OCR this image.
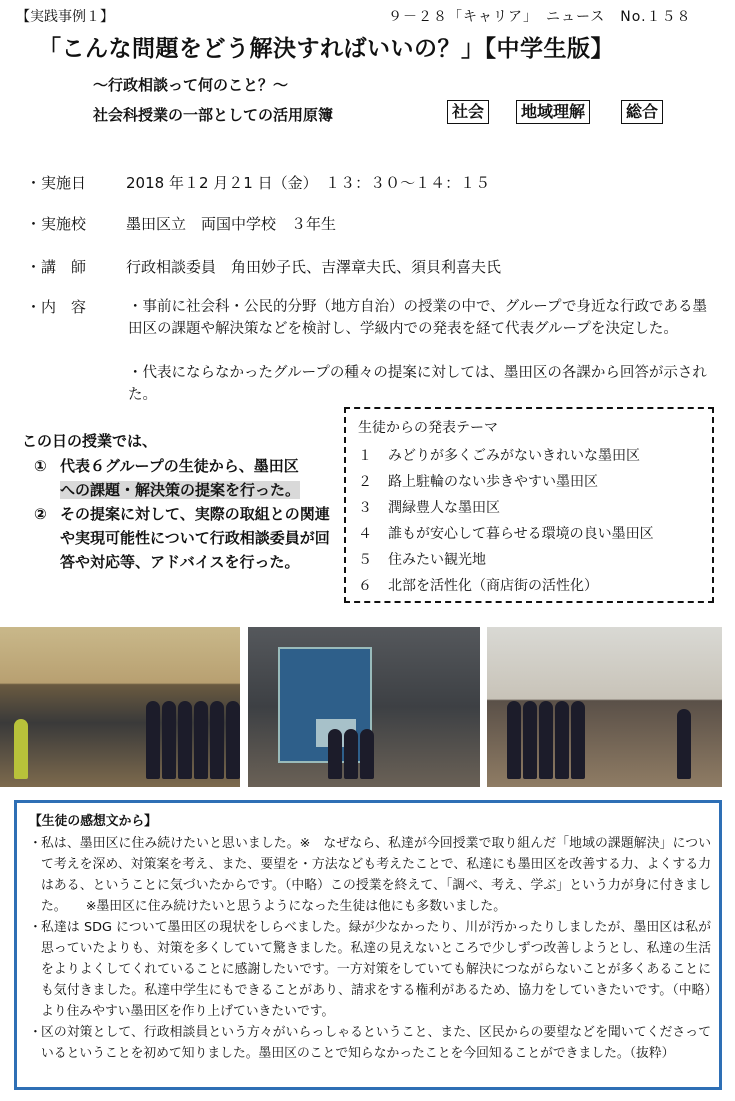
【実践事例１】	９－２８「キャリア」　ニュース　No.１５８
「こんな問題をどう解決すればいいの？」【中学生版】
～行政相談って何のこと？～
社会科授業の一部としての活用原簿	社会	地域理解	総合
・実施日	2018 年１2 月２1 日（金）　１３：３０～１４：１５
・実施校	墨田区立　両国中学校　３年生
・講　師	行政相談委員　角田妙子氏、吉澤章夫氏、須貝利喜夫氏
・内　容	・事前に社会科・公民的分野（地方自治）の授業の中で、グループで身近な行政である墨田区の課題や解決策などを検討し、学級内での発表を経て代表グループを決定した。
・代表にならなかったグループの種々の提案に対しては、墨田区の各課から回答が示された。
この日の授業では、
① 代表６グループの生徒から、墨田区
への課題・解決策の提案を行った。
② その提案に対して、実際の取組との関連や実現可能性について行政相談委員が回答や対応等、アドバイスを行った。
生徒からの発表テーマ
１ みどりが多くごみがないきれいな墨田区
２ 路上駐輪のない歩きやすい墨田区
３ 潤緑豊人な墨田区
４ 誰もが安心して暮らせる環境の良い墨田区
５ 住みたい観光地
６ 北部を活性化（商店街の活性化）
【生徒の感想文から】
・ 私は、墨田区に住み続けたいと思いました。※　なぜなら、私達が今回授業で取り組んだ「地域の課題解決」について考えを深め、対策案を考え、また、要望を・方法なども考えたことで、私達にも墨田区を改善する力、よくする力はある、ということに気づいたからです。（中略）この授業を終えて、「調べ、考え、学ぶ」という力が身に付きました。　　※墨田区に住み続けたいと思うようになった生徒は他にも多数いました。
・ 私達は SDG について墨田区の現状をしらべました。緑が少なかったり、川が汚かったりしましたが、墨田区は私が思っていたよりも、対策を多くしていて驚きました。私達の見えないところで少しずつ改善しようとし、私達の生活をよりよくしてくれていることに感謝したいです。一方対策をしていても解決につながらないことが多くあることにも気付きました。私達中学生にもできることがあり、請求をする権利があるため、協力をしていきたいです。（中略）より住みやすい墨田区を作り上げていきたいです。
・ 区の対策として、行政相談員という方々がいらっしゃるということ、また、区民からの要望などを聞いてくださっているということを初めて知りました。墨田区のことで知らなかったことを今回知ることができました。（抜粋）
